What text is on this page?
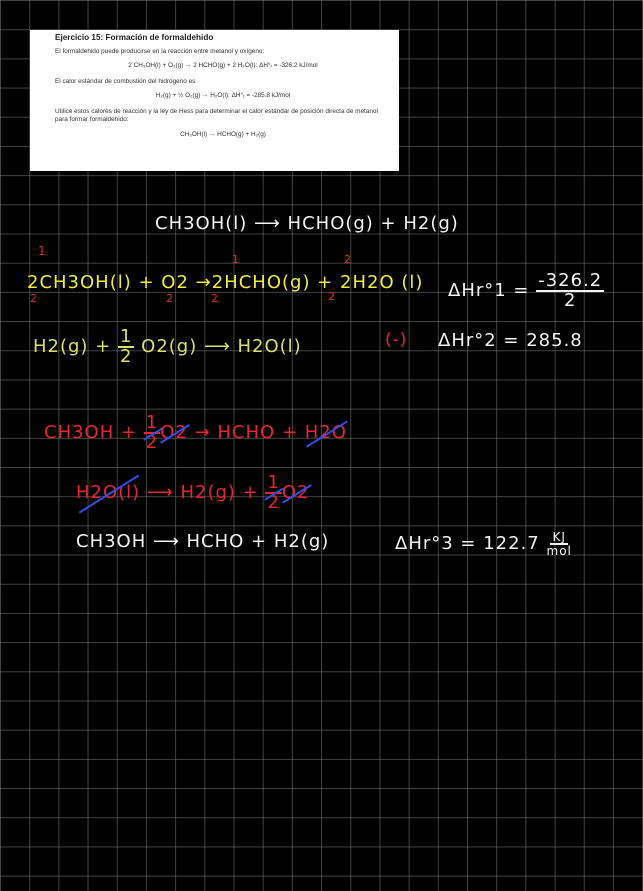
Ejercicio 15: Formación de formaldehido

El formaldehido puede producirse en la reacción entre metanol y oxígeno:

2 CH₃OH(l) + O₂(g) → 2 HCHO(g) + 2 H₂O(l): ΔH°ᵣ = -326.2 kJ/mol

El calor estándar de combustión del hidrógeno es

H₂(g) + ½ O₂(g) → H₂O(l): ΔH°ᵣ = -285.8 kJ/mol

Utilice estos calores de reacción y la ley de Hess para determinar el calor estándar de posición directa de metanol para formar formaldehido:

CH₃OH(l) → HCHO(g) + H₂(g)

CH3OH(l) ⟶ HCHO(g) + H2(g)
1
1	2
2CH3OH(l) + O2 →2HCHO(g) + 2H2O (l) $\Delta Hr^\circ 1 = \frac{-326.2}{2}$
2	2	2	2
$H2(g) + \frac{1}{2} O2(g)$ ⟶ H2O(l)	(-) ΔHr°2 = 285.8
$CH3OH + \frac{1}{2} O2$ → HCHO + H2O
H2O(l) ⟶ $H2(g) + \frac{1}{2} O2$
CH3OH ⟶ HCHO + H2(g)	$\Delta Hr^\circ 3 = 122.7 \frac{KJ}{\text{mol}}$
